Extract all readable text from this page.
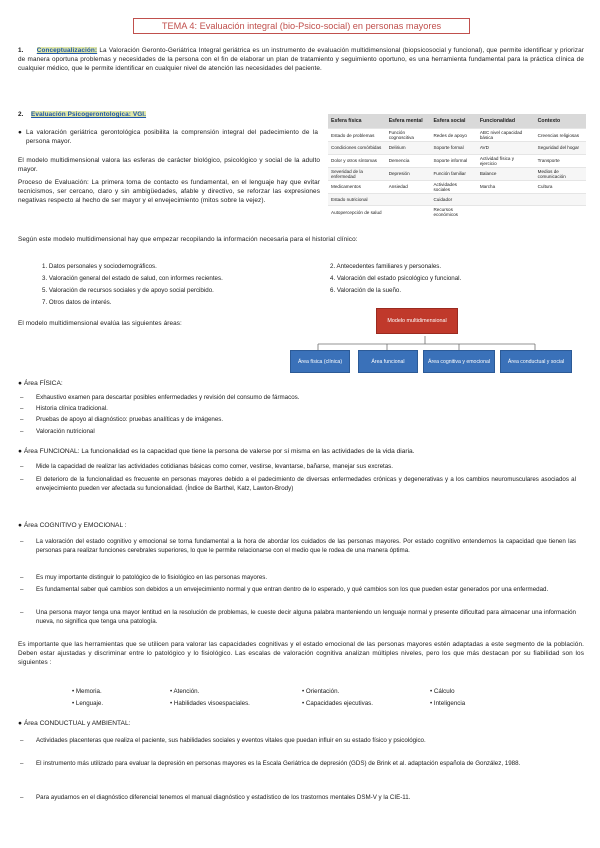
TEMA 4: Evaluación integral (bio-Psico-social) en personas mayores
1. Conceptualización: La Valoración Geronto-Geriátrica Integral geriátrica es un instrumento de evaluación multidimensional (biopsicosocial y funcional), que permite identificar y priorizar de manera oportuna problemas y necesidades de la persona con el fin de elaborar un plan de tratamiento y seguimiento oportuno, es una herramienta fundamental para la práctica clínica de cualquier médico, que le permite identificar en cualquier nivel de atención las necesidades del paciente.
2. Evaluación Psicogerontologica: VGI.
● La valoración geriátrica gerontológica posibilita la comprensión integral del padecimiento de la persona mayor.
El modelo multidimensional valora las esferas de carácter biológico, psicológico y social de la adulto mayor.
Proceso de Evaluación: La primera toma de contacto es fundamental, en el lenguaje hay que evitar tecnicismos, ser cercano, claro y sin ambigüedades, afable y directivo, se reforzar las expresiones negativas respecto al hecho de ser mayor y el envejecimiento (mitos sobre la vejez).
Esfera física	Esfera mental	Esfera social	Funcionalidad	Contexto
Estado de problemas	Función cognoscitiva	Redes de apoyo	ABC nivel capacidad básica	Creencias religiosas
Condiciones comórbidas	Delirium	Soporte formal	AVD	Seguridad del hogar
Dolor y otros síntomas	Demencia	Soporte informal	Actividad física y ejercicio	Transporte
Severidad de la enfermedad	Depresión	Función familiar	Balance	Medios de comunicación
Medicamentos	Ansiedad	Actividades sociales	Marcha	Cultura
Estado nutricional		Cuidador		
Autopercepción de salud		Recursos económicos		
Según este modelo multidimensional hay que empezar recopilando la información necesaria para el historial clínico:
1. Datos personales y sociodemográficos.
3. Valoración general del estado de salud, con informes recientes.
5. Valoración de recursos sociales y de apoyo social percibido.
7. Otros datos de interés.
2. Antecedentes familiares y personales.
4. Valoración del estado psicológico y funcional.
6. Valoración de la sueño.
El modelo multidimensional evalúa las siguientes áreas:	Modelo multidimensional
Área física (clínica)	Área funcional	Área cognitiva y emocional	Área conductual y social
● Área FÍSICA:
– Exhaustivo examen para descartar posibles enfermedades y revisión del consumo de fármacos.
– Historia clínica tradicional.
– Pruebas de apoyo al diagnóstico: pruebas analíticas y de imágenes.
– Valoración nutricional
● Área FUNCIONAL: La funcionalidad es la capacidad que tiene la persona de valerse por sí misma en las actividades de la vida diaria.
– Mide la capacidad de realizar las actividades cotidianas básicas como comer, vestirse, levantarse, bañarse, manejar sus excretas.
– El deterioro de la funcionalidad es frecuente en personas mayores debido a el padecimiento de diversas enfermedades crónicas y degenerativas y a los cambios neuromusculares asociados al envejecimiento pueden ver afectada su funcionalidad. (Índice de Barthel, Katz, Lawton-Brody)
● Área COGNITIVO y EMOCIONAL :
– La valoración del estado cognitivo y emocional se torna fundamental a la hora de abordar los cuidados de las personas mayores. Por estado cognitivo entendemos la capacidad que tienen las personas para realizar funciones cerebrales superiores, lo que le permite relacionarse con el medio que le rodea de una manera óptima.
– Es muy importante distinguir lo patológico de lo fisiológico en las personas mayores.
– Es fundamental saber qué cambios son debidos a un envejecimiento normal y que entran dentro de lo esperado, y qué cambios son los que pueden estar generados por una enfermedad.
– Una persona mayor tenga una mayor lentitud en la resolución de problemas, le cueste decir alguna palabra manteniendo un lenguaje normal y presente dificultad para almacenar una información nueva, no significa que tenga una patología.
Es importante que las herramientas que se utilicen para valorar las capacidades cognitivas y el estado emocional de las personas mayores estén adaptadas a este segmento de la población. Deben estar ajustadas y discriminar entre lo patológico y lo fisiológico. Las escalas de valoración cognitiva analizan múltiples niveles, pero los que más destacan por su fiabilidad son los siguientes :
• Memoria.	• Atención.	• Orientación.	• Cálculo
• Lenguaje.	• Habilidades visoespaciales.	• Capacidades ejecutivas.	• Inteligencia
● Área CONDUCTUAL y AMBIENTAL:
– Actividades placenteras que realiza el paciente, sus habilidades sociales y eventos vitales que puedan influir en su estado físico y psicológico.
– El instrumento más utilizado para evaluar la depresión en personas mayores es la Escala Geriátrica de depresión (GDS) de Brink et al. adaptación española de González, 1988.
– Para ayudarnos en el diagnóstico diferencial tenemos el manual diagnóstico y estadístico de los trastornos mentales DSM-V y la CIE-11.
